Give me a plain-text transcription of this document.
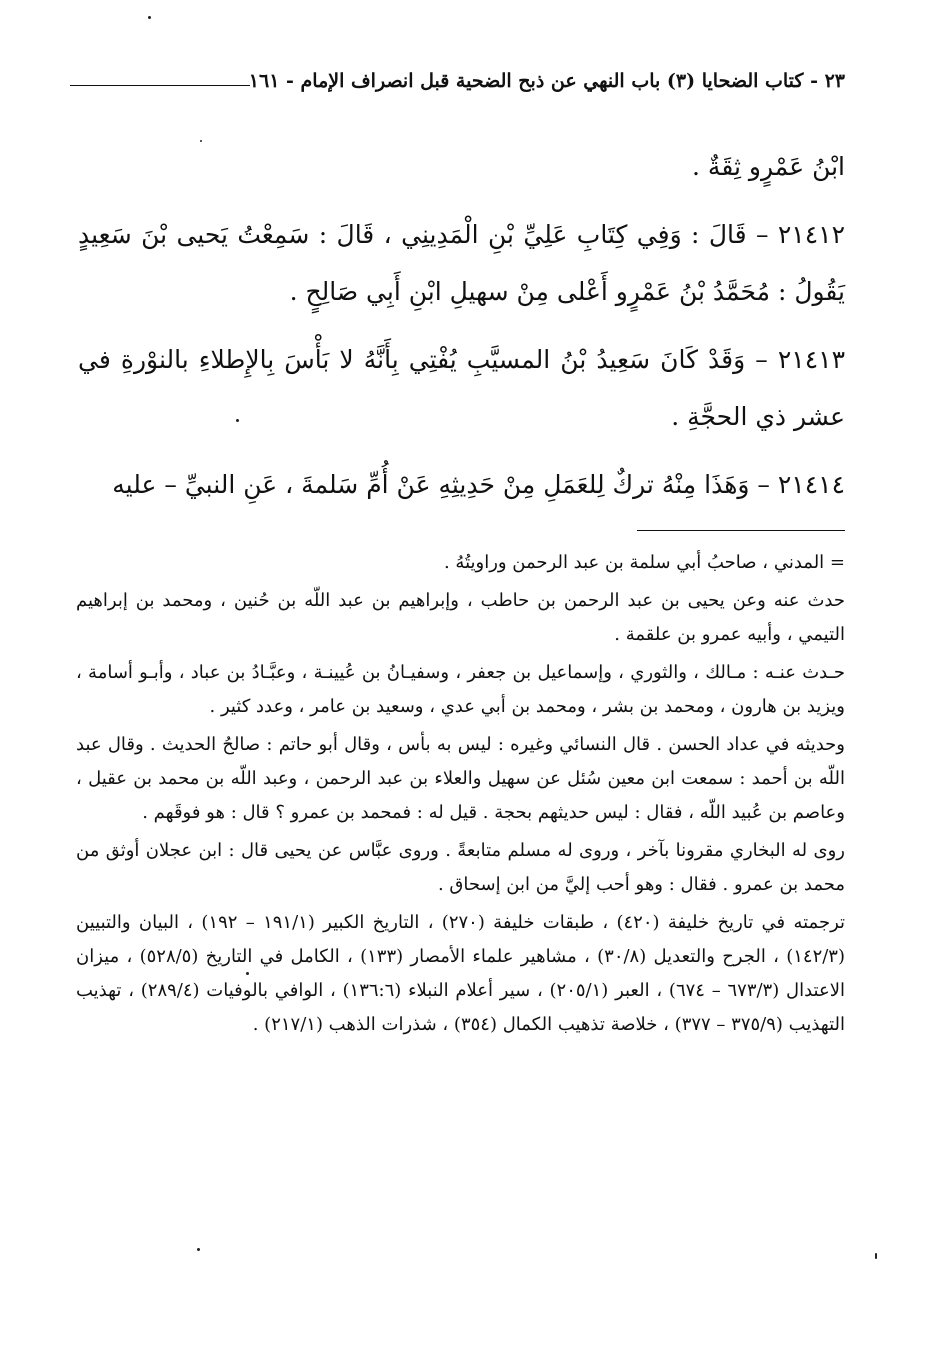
٢٣ - كتاب الضحايا (٣) باب النهي عن ذبح الضحية قبل انصراف الإمام - ١٦١

ابْنُ عَمْرٍو ثِقَةٌ .

٢١٤١٢ – قَالَ : وَفِي كِتَابِ عَلِيِّ بْنِ الْمَدِينِي ، قَالَ : سَمِعْتُ يَحيى بْنَ سَعِيدٍ يَقُولُ : مُحَمَّدُ بْنُ عَمْرٍو أَعْلى مِنْ سهيلِ ابْنِ أَبِي صَالِحٍ .

٢١٤١٣ – وَقَدْ كَانَ سَعِيدُ بْنُ المسيَّبِ يُفْتِي بِأَنَّهُ لا بَأْسَ بِالإِطلاءِ بالنوْرةِ في عشر ذي الحجَّةِ .

٢١٤١٤ – وَهَذَا مِنْهُ تركٌ لِلعَمَلِ مِنْ حَدِيثِهِ عَنْ أُمِّ سَلمةَ ، عَنِ النبيِّ – عليه

= المدني ، صاحبُ أبي سلمة بن عبد الرحمن وراويتُهُ .

حدث عنه وعن يحيى بن عبد الرحمن بن حاطب ، وإبراهيم بن عبد اللّه بن حُنين ، ومحمد بن إبراهيم التيمي ، وأبيه عمرو بن علقمة .

حـدث عنـه : مـالك ، والثوري ، وإسماعيل بن جعفر ، وسفيـانُ بن عُيينـة ، وعبَّـادُ بن عباد ، وأبـو أسامة ، ويزيد بن هارون ، ومحمد بن بشر ، ومحمد بن أبي عدي ، وسعيد بن عامر ، وعدد كثير .

وحديثه في عداد الحسن . قال النسائي وغيره : ليس به بأس ، وقال أبو حاتم : صالحُ الحديث . وقال عبد اللّه بن أحمد : سمعت ابن معين سُئل عن سهيل والعلاء بن عبد الرحمن ، وعبد اللّه بن محمد بن عقيل ، وعاصم بن عُبيد اللّه ، فقال : ليس حديثهم بحجة . قيل له : فمحمد بن عمرو ؟ قال : هو فوقَهم .

روى له البخاري مقرونا بآخر ، وروى له مسلم متابعةً . وروى عبَّاس عن يحيى قال : ابن عجلان أوثق من محمد بن عمرو . فقال : وهو أحب إليَّ من ابن إسحاق .

ترجمته في تاريخ خليفة (٤٢٠) ، طبقات خليفة (٢٧٠) ، التاريخ الكبير (١٩١/١ – ١٩٢) ، البيان والتبيين (١٤٢/٣) ، الجرح والتعديل (٣٠/٨) ، مشاهير علماء الأمصار (١٣٣) ، الكامل في التاريخ (٥٢٨/٥) ، ميزان الاعتدال (٦٧٣/٣ – ٦٧٤) ، العبر (٢٠٥/١) ، سير أعلام النبلاء (١٣٦:٦) ، الوافي بالوفيات (٢٨٩/٤) ، تهذيب التهذيب (٣٧٥/٩ – ٣٧٧) ، خلاصة تذهيب الكمال (٣٥٤) ، شذرات الذهب (٢١٧/١) .
